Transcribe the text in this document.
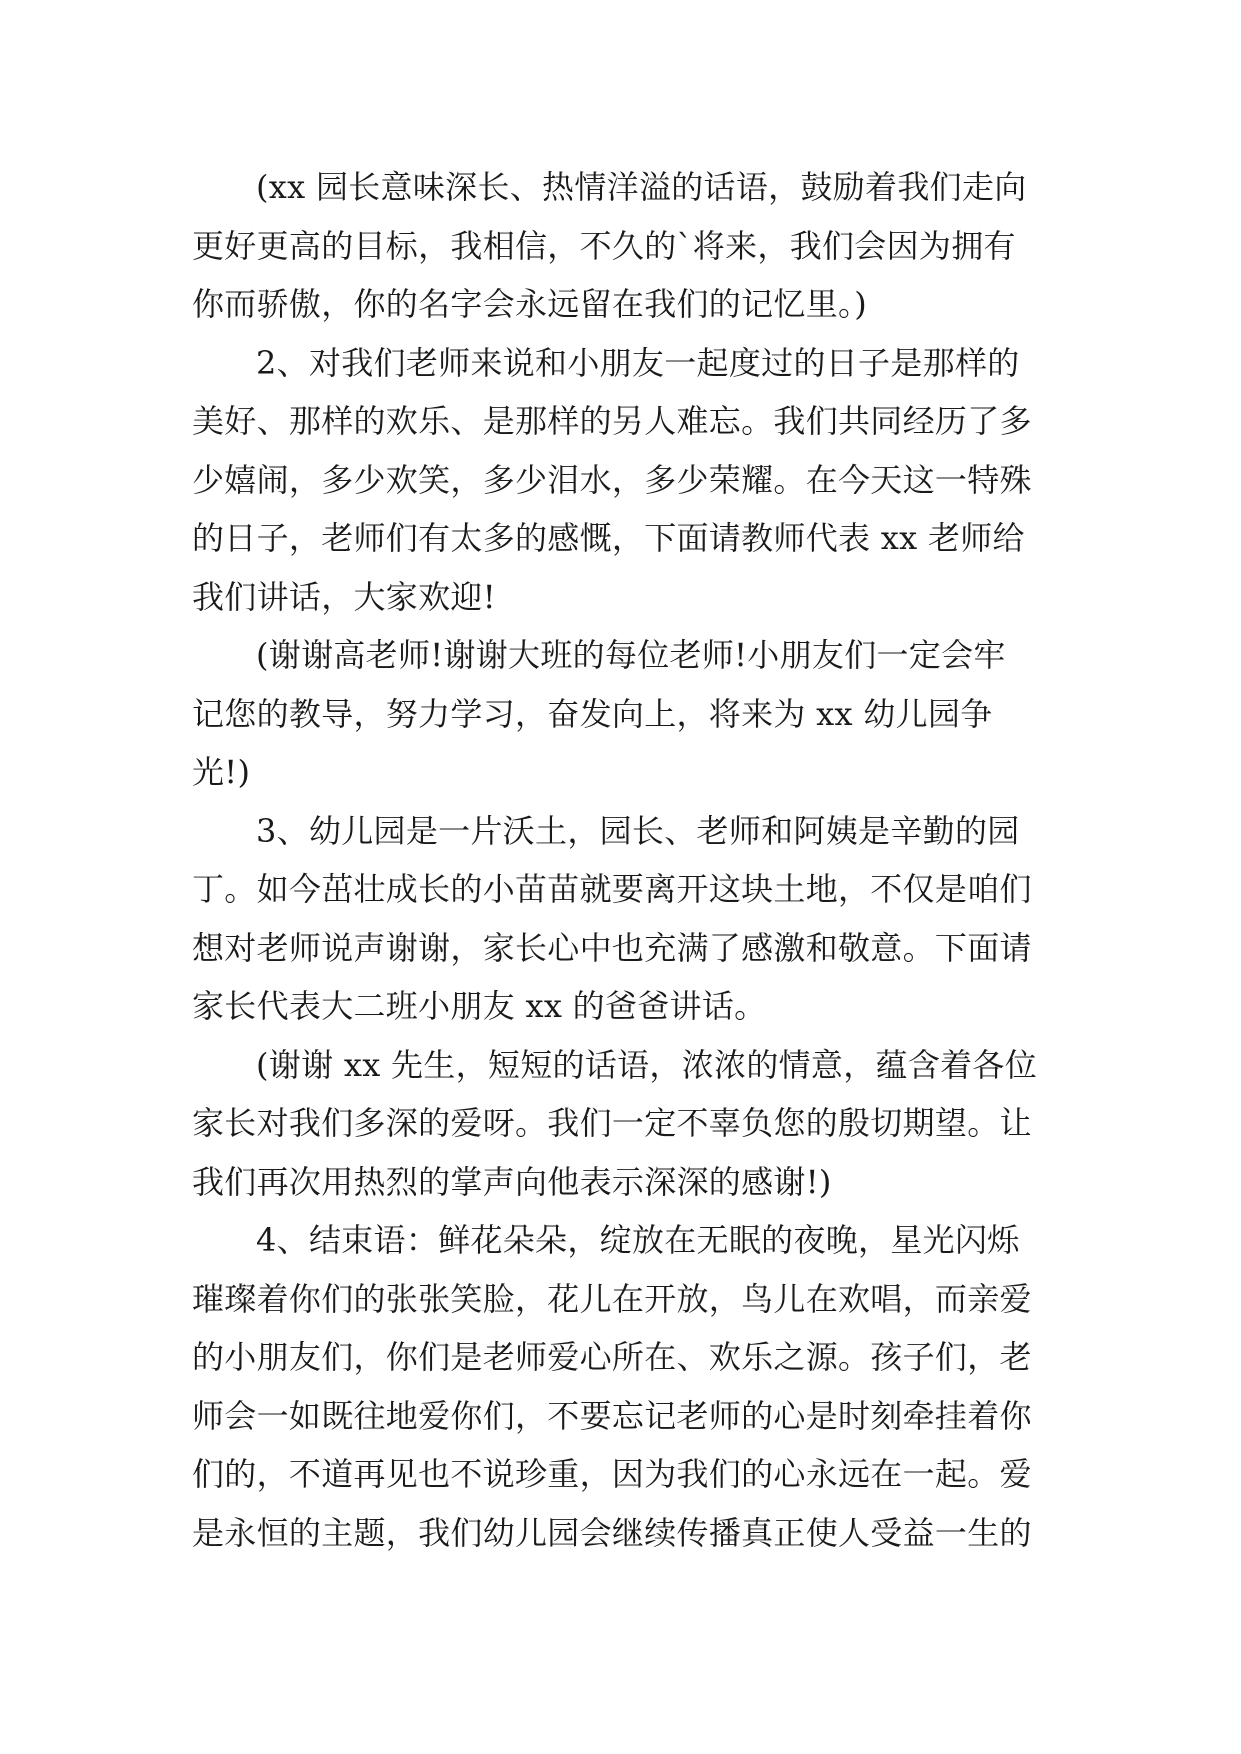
(xx 园长意味深长、热情洋溢的话语，鼓励着我们走向
更好更高的目标，我相信，不久的`将来，我们会因为拥有
你而骄傲，你的名字会永远留在我们的记忆里。)
2、对我们老师来说和小朋友一起度过的日子是那样的
美好、那样的欢乐、是那样的另人难忘。我们共同经历了多
少嬉闹，多少欢笑，多少泪水，多少荣耀。在今天这一特殊
的日子，老师们有太多的感慨，下面请教师代表 xx 老师给
我们讲话，大家欢迎!
(谢谢高老师!谢谢大班的每位老师!小朋友们一定会牢
记您的教导，努力学习，奋发向上，将来为 xx 幼儿园争
光!)
3、幼儿园是一片沃土，园长、老师和阿姨是辛勤的园
丁。如今茁壮成长的小苗苗就要离开这块土地，不仅是咱们
想对老师说声谢谢，家长心中也充满了感激和敬意。下面请
家长代表大二班小朋友 xx 的爸爸讲话。
(谢谢 xx 先生，短短的话语，浓浓的情意，蕴含着各位
家长对我们多深的爱呀。我们一定不辜负您的殷切期望。让
我们再次用热烈的掌声向他表示深深的感谢!)
4、结束语：鲜花朵朵，绽放在无眠的夜晚，星光闪烁
璀璨着你们的张张笑脸，花儿在开放，鸟儿在欢唱，而亲爱
的小朋友们，你们是老师爱心所在、欢乐之源。孩子们，老
师会一如既往地爱你们，不要忘记老师的心是时刻牵挂着你
们的，不道再见也不说珍重，因为我们的心永远在一起。爱
是永恒的主题，我们幼儿园会继续传播真正使人受益一生的
